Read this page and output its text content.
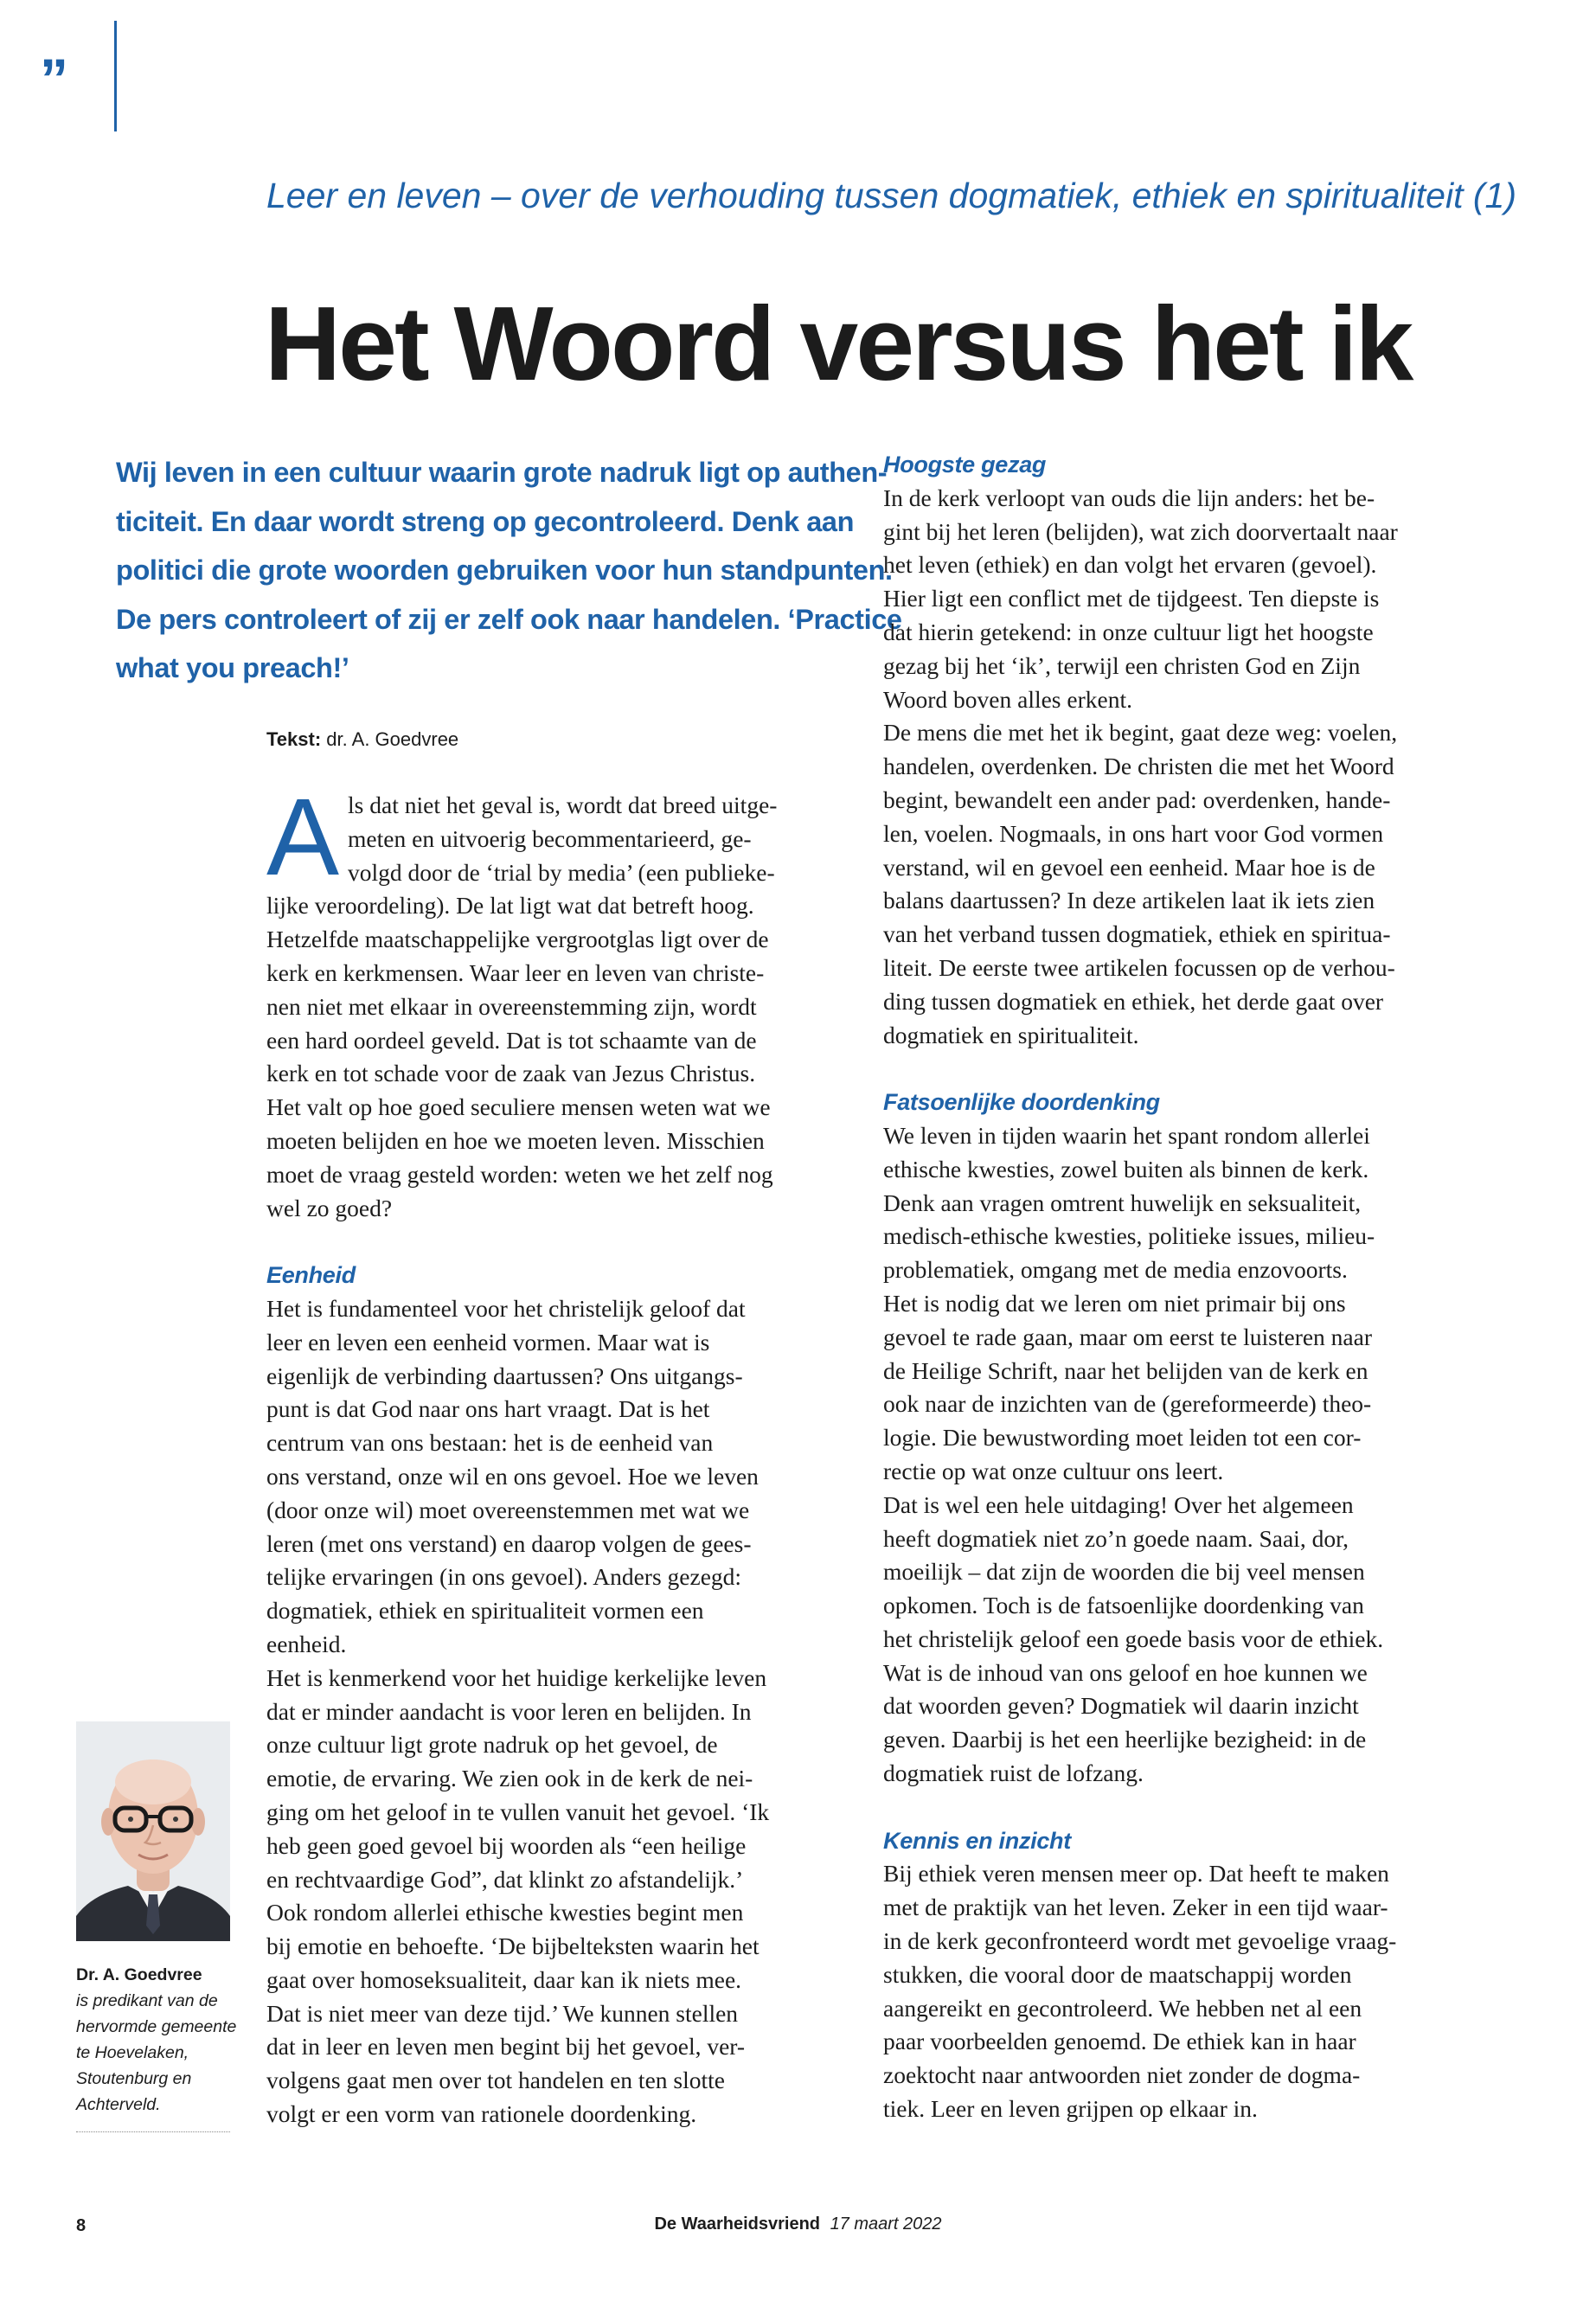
”
Leer en leven – over de verhouding tussen dogmatiek, ethiek en spiritualiteit (1)
Het Woord versus het ik
Wij leven in een cultuur waarin grote nadruk ligt op authen-
ticiteit. En daar wordt streng op gecontroleerd. Denk aan
politici die grote woorden gebruiken voor hun standpunten.
De pers controleert of zij er zelf ook naar handelen. ‘Practice
what you preach!’
Tekst: dr. A. Goedvree
A ls dat niet het geval is, wordt dat breed uitge-
meten en uitvoerig becommentarieerd, ge-
volgd door de ‘trial by media’ (een publieke-
lijke veroordeling). De lat ligt wat dat betreft hoog.
Hetzelfde maatschappelijke vergrootglas ligt over de
kerk en kerkmensen. Waar leer en leven van christe-
nen niet met elkaar in overeenstemming zijn, wordt
een hard oordeel geveld. Dat is tot schaamte van de
kerk en tot schade voor de zaak van Jezus Christus.
Het valt op hoe goed seculiere mensen weten wat we
moeten belijden en hoe we moeten leven. Misschien
moet de vraag gesteld worden: weten we het zelf nog
wel zo goed?
Eenheid
Het is fundamenteel voor het christelijk geloof dat
leer en leven een eenheid vormen. Maar wat is
eigenlijk de verbinding daartussen? Ons uitgangs-
punt is dat God naar ons hart vraagt. Dat is het
centrum van ons bestaan: het is de eenheid van
ons verstand, onze wil en ons gevoel. Hoe we leven
(door onze wil) moet overeenstemmen met wat we
leren (met ons verstand) en daarop volgen de gees-
telijke ervaringen (in ons gevoel). Anders gezegd:
dogmatiek, ethiek en spiritualiteit vormen een
eenheid.
Het is kenmerkend voor het huidige kerkelijke leven
dat er minder aandacht is voor leren en belijden. In
onze cultuur ligt grote nadruk op het gevoel, de
emotie, de ervaring. We zien ook in de kerk de nei-
ging om het geloof in te vullen vanuit het gevoel. ‘Ik
heb geen goed gevoel bij woorden als “een heilige
en rechtvaardige God”, dat klinkt zo afstandelijk.’
Ook rondom allerlei ethische kwesties begint men
bij emotie en behoefte. ‘De bijbelteksten waarin het
gaat over homoseksualiteit, daar kan ik niets mee.
Dat is niet meer van deze tijd.’ We kunnen stellen
dat in leer en leven men begint bij het gevoel, ver-
volgens gaat men over tot handelen en ten slotte
volgt er een vorm van rationele doordenking.
Hoogste gezag
In de kerk verloopt van ouds die lijn anders: het be-
gint bij het leren (belijden), wat zich doorvertaalt naar
het leven (ethiek) en dan volgt het ervaren (gevoel).
Hier ligt een conflict met de tijdgeest. Ten diepste is
dat hierin getekend: in onze cultuur ligt het hoogste
gezag bij het ‘ik’, terwijl een christen God en Zijn
Woord boven alles erkent.
De mens die met het ik begint, gaat deze weg: voelen,
handelen, overdenken. De christen die met het Woord
begint, bewandelt een ander pad: overdenken, hande-
len, voelen. Nogmaals, in ons hart voor God vormen
verstand, wil en gevoel een eenheid. Maar hoe is de
balans daartussen? In deze artikelen laat ik iets zien
van het verband tussen dogmatiek, ethiek en spiritua-
liteit. De eerste twee artikelen focussen op de verhou-
ding tussen dogmatiek en ethiek, het derde gaat over
dogmatiek en spiritualiteit.
Fatsoenlijke doordenking
We leven in tijden waarin het spant rondom allerlei
ethische kwesties, zowel buiten als binnen de kerk.
Denk aan vragen omtrent huwelijk en seksualiteit,
medisch-ethische kwesties, politieke issues, milieu-
problematiek, omgang met de media enzovoorts.
Het is nodig dat we leren om niet primair bij ons
gevoel te rade gaan, maar om eerst te luisteren naar
de Heilige Schrift, naar het belijden van de kerk en
ook naar de inzichten van de (gereformeerde) theo-
logie. Die bewustwording moet leiden tot een cor-
rectie op wat onze cultuur ons leert.
Dat is wel een hele uitdaging! Over het algemeen
heeft dogmatiek niet zo’n goede naam. Saai, dor,
moeilijk – dat zijn de woorden die bij veel mensen
opkomen. Toch is de fatsoenlijke doordenking van
het christelijk geloof een goede basis voor de ethiek.
Wat is de inhoud van ons geloof en hoe kunnen we
dat woorden geven? Dogmatiek wil daarin inzicht
geven. Daarbij is het een heerlijke bezigheid: in de
dogmatiek ruist de lofzang.
Kennis en inzicht
Bij ethiek veren mensen meer op. Dat heeft te maken
met de praktijk van het leven. Zeker in een tijd waar-
in de kerk geconfronteerd wordt met gevoelige vraag-
stukken, die vooral door de maatschappij worden
aangereikt en gecontroleerd. We hebben net al een
paar voorbeelden genoemd. De ethiek kan in haar
zoektocht naar antwoorden niet zonder de dogma-
tiek. Leer en leven grijpen op elkaar in.
Dr. A. Goedvree
is predikant van de
hervormde gemeente
te Hoevelaken,
Stoutenburg en
Achterveld.
8	De Waarheidsvriend 17 maart 2022
